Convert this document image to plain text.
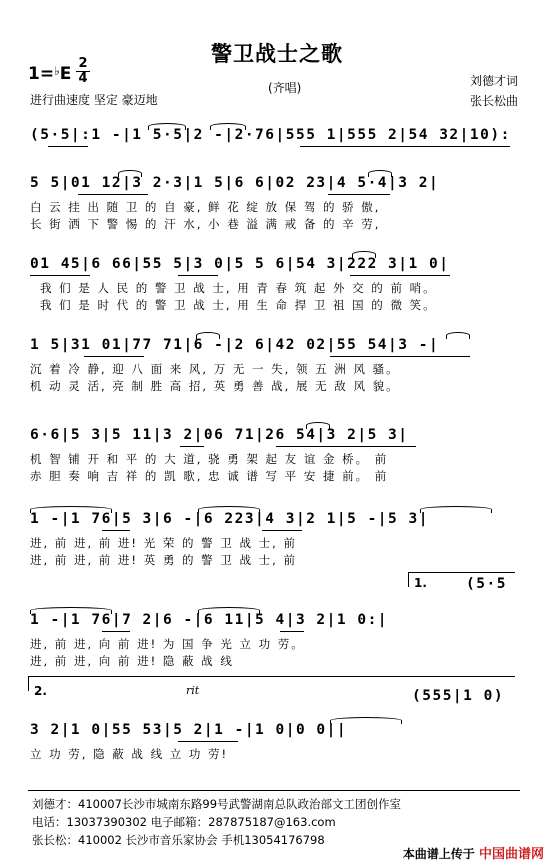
警卫战士之歌
1=♭E
2
4
进行曲速度 坚定 豪迈地
(齐唱)	刘德才词
张长松曲
(5·5|:1 -|1 5·5|2 -|2·76|555 1|555 2|54 32|10):
5 5|01 12|3 2·3|1 5|6 6|02 23|4 5·4|3 2|
白 云 挂 出 随 卫 的 自 豪, 鲜 花 绽 放 保 驾 的 骄 傲,
长 街 洒 下 警 惕 的 汗 水, 小 巷 溢 满 戒 备 的 辛 劳,
01 45|6 66|55 5|3 0|5 5 6|54 3|222 3|1 0|
我 们 是 人 民 的 警 卫 战 士, 用 青 春 筑 起 外 交 的 前 哨。
我 们 是 时 代 的 警 卫 战 士, 用 生 命 捍 卫 祖 国 的 微 笑。
1 5|31 01|77 71|6 -|2 6|42 02|55 54|3 -|
沉 着 冷 静, 迎 八 面 来 风, 万 无 一 失, 领 五 洲 风 骚。
机 动 灵 活, 亮 制 胜 高 招, 英 勇 善 战, 展 无 敌 风 貌。
6·6|5 3|5 11|3 2|06 71|26 54|3 2|5 3|
机 智 铺 开 和 平 的 大 道, 骁 勇 架 起 友 谊 金 桥。 前
赤 胆 奏 响 吉 祥 的 凯 歌, 忠 诚 谱 写 平 安 捷 前。 前
1 -|1 76|5 3|6 -|6 223|4 3|2 1|5 -|5 3|
进, 前 进, 前 进! 光 荣 的 警 卫 战 士, 前
进, 前 进, 前 进! 英 勇 的 警 卫 战 士, 前
1.	(5·5
1 -|1 76|7 2|6 -|6 11|5 4|3 2|1 0:|
进, 前 进, 向 前 进! 为 国 争 光 立 功 劳。
进, 前 进, 向 前 进! 隐 蔽 战 线
2.	rit	(555|1 0)
3 2|1 0|55 53|5 2|1 -|1 0|0 0||
立 功 劳, 隐 蔽 战 线 立 功 劳!
刘德才：410007长沙市城南东路99号武警湖南总队政治部文工团创作室
电话：13037390302 电子邮箱：287875187@163.com
张长松：410002 长沙市音乐家协会 手机13054176798
本曲谱上传于 中国曲谱网
